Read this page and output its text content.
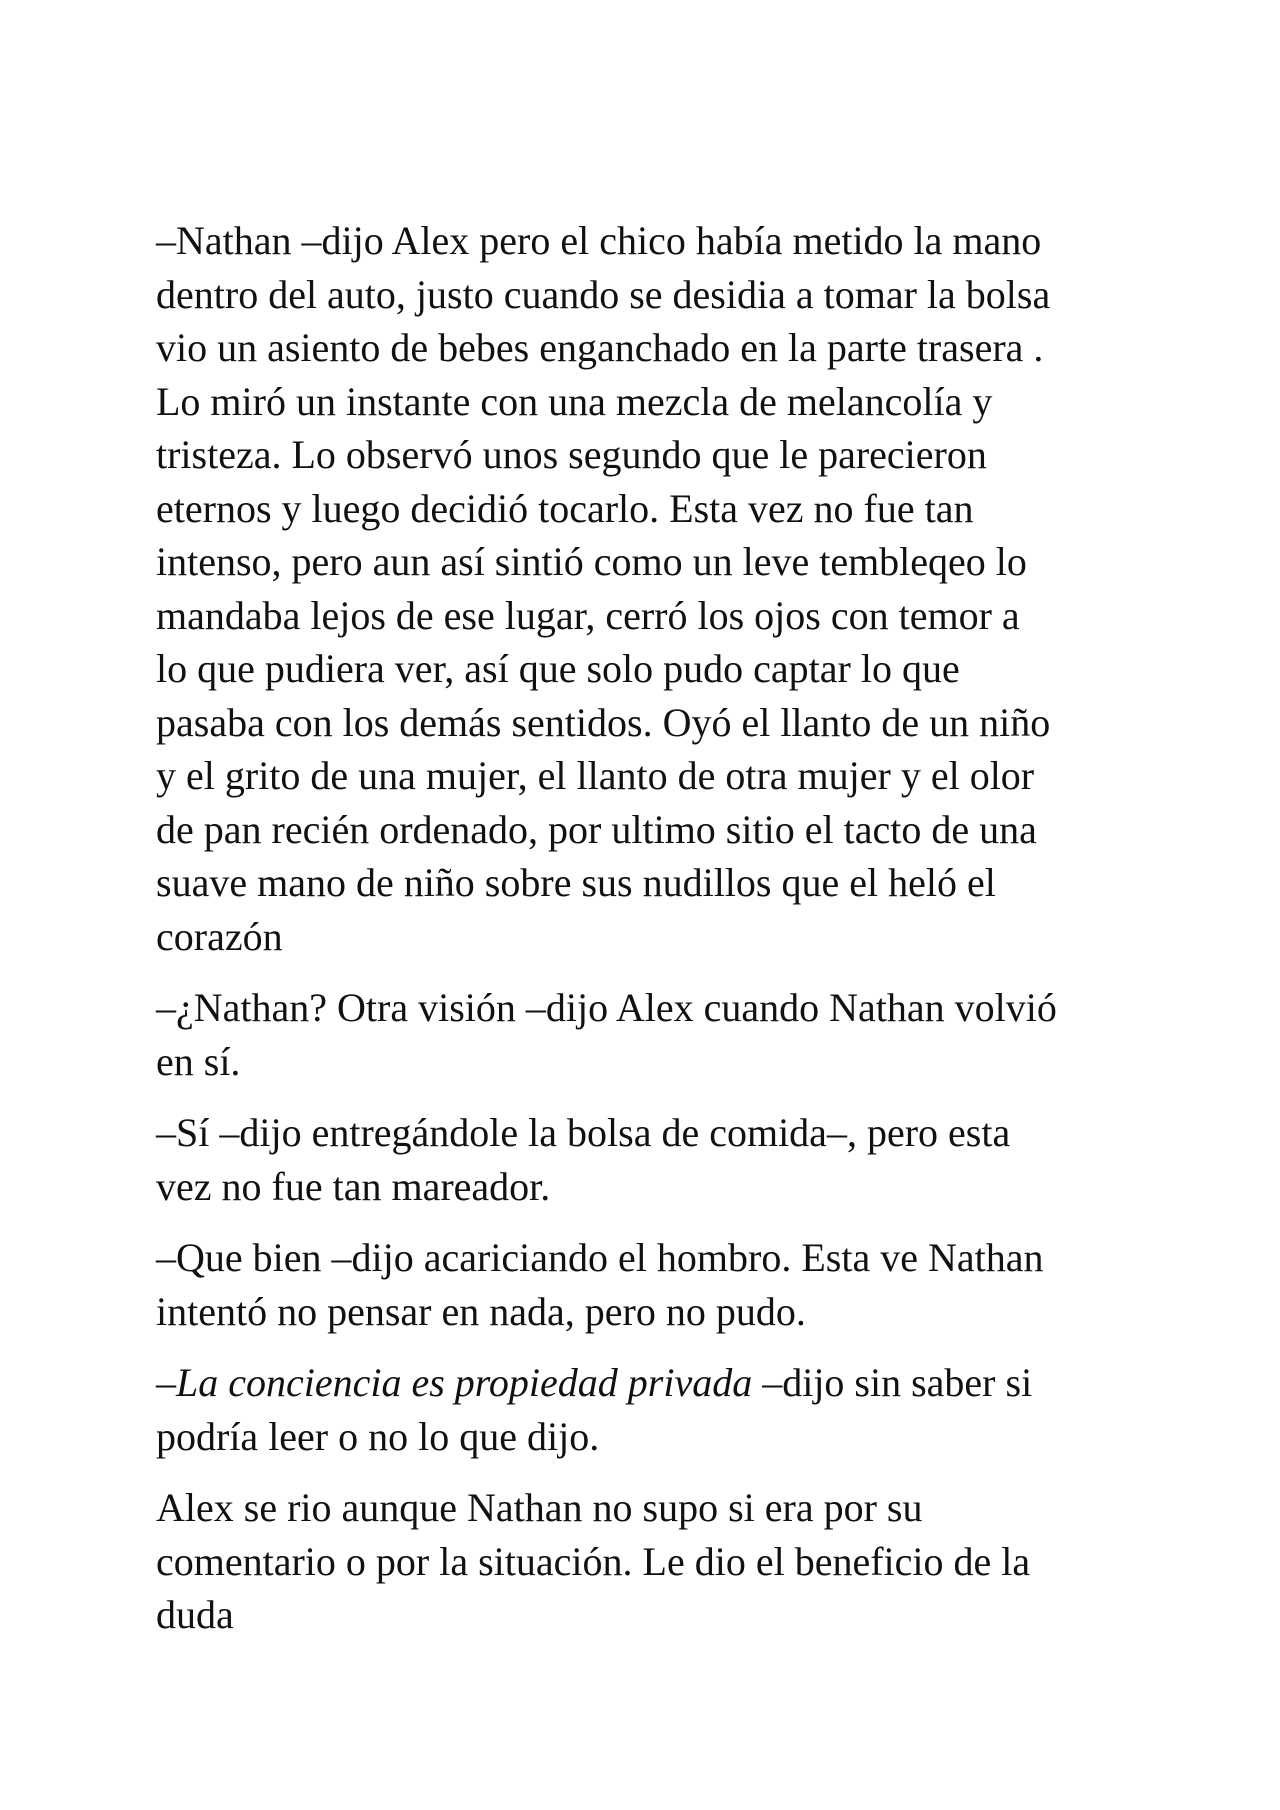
–Nathan –dijo Alex pero el chico había metido la mano
dentro del auto, justo cuando se desidia a tomar la bolsa
vio un asiento de bebes enganchado en la parte trasera .
Lo miró un instante con una mezcla de melancolía y
tristeza. Lo observó unos segundo que le parecieron
eternos y luego decidió tocarlo. Esta vez no fue tan
intenso, pero aun así sintió como un leve tembleqeo lo
mandaba lejos de ese lugar, cerró los ojos con temor a
lo que pudiera ver, así que solo pudo captar lo que
pasaba con los demás sentidos. Oyó el llanto de un niño
y el grito de una mujer, el llanto de otra mujer y el olor
de pan recién ordenado, por ultimo sitio el tacto de una
suave mano de niño sobre sus nudillos que el heló el
corazón

–¿Nathan? Otra visión –dijo Alex cuando Nathan volvió
en sí.

–Sí –dijo entregándole la bolsa de comida–, pero esta
vez no fue tan mareador.

–Que bien –dijo acariciando el hombro. Esta ve Nathan
intentó no pensar en nada, pero no pudo.

–La conciencia es propiedad privada –dijo sin saber si
podría leer o no lo que dijo.

Alex se rio aunque Nathan no supo si era por su
comentario o por la situación. Le dio el beneficio de la
duda
